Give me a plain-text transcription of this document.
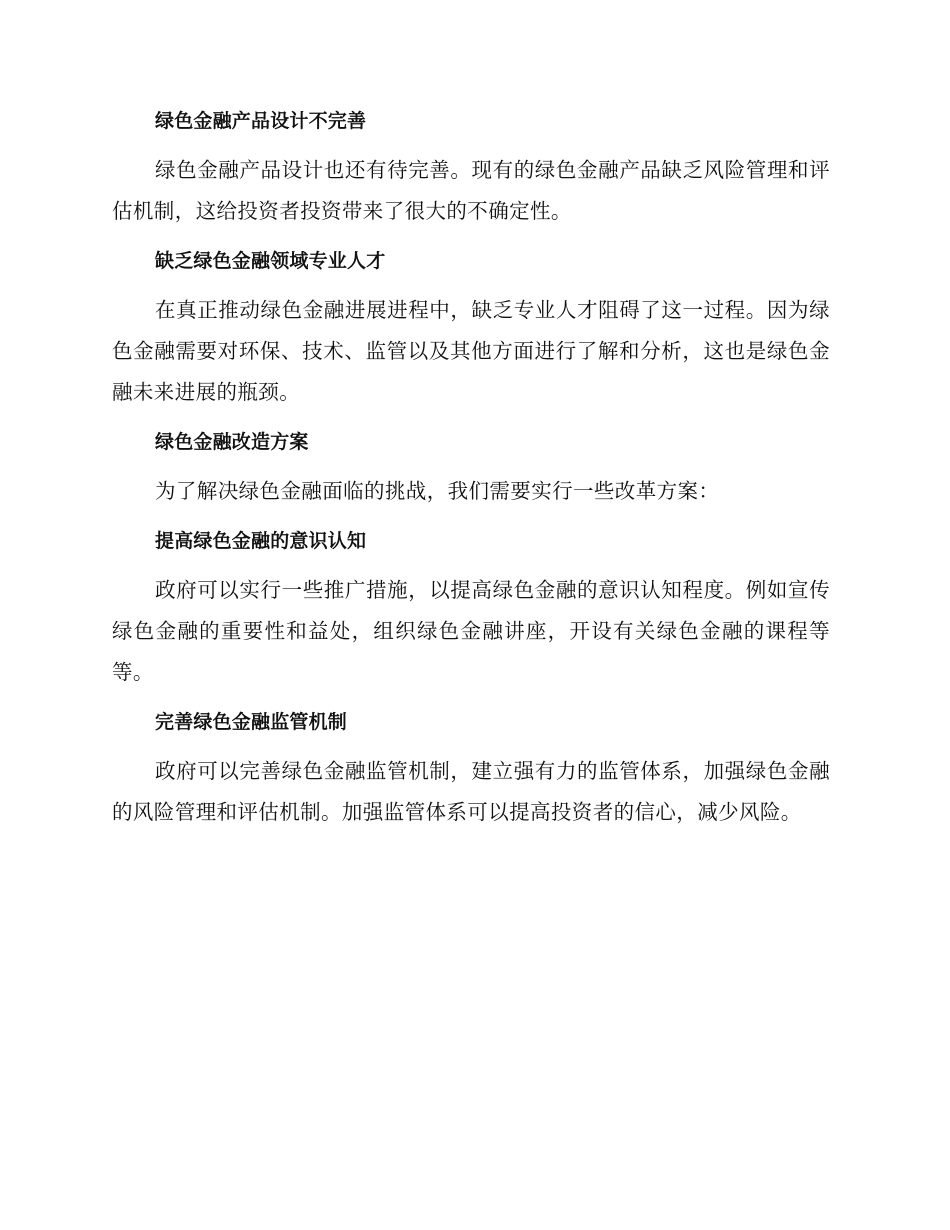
绿色金融产品设计不完善

绿色金融产品设计也还有待完善。现有的绿色金融产品缺乏风险管理和评估机制，这给投资者投资带来了很大的不确定性。

缺乏绿色金融领域专业人才

在真正推动绿色金融进展进程中，缺乏专业人才阻碍了这一过程。因为绿色金融需要对环保、技术、监管以及其他方面进行了解和分析，这也是绿色金融未来进展的瓶颈。

绿色金融改造方案

为了解决绿色金融面临的挑战，我们需要实行一些改革方案：

提高绿色金融的意识认知

政府可以实行一些推广措施，以提高绿色金融的意识认知程度。例如宣传绿色金融的重要性和益处，组织绿色金融讲座，开设有关绿色金融的课程等等。

完善绿色金融监管机制

政府可以完善绿色金融监管机制，建立强有力的监管体系，加强绿色金融的风险管理和评估机制。加强监管体系可以提高投资者的信心，减少风险。
